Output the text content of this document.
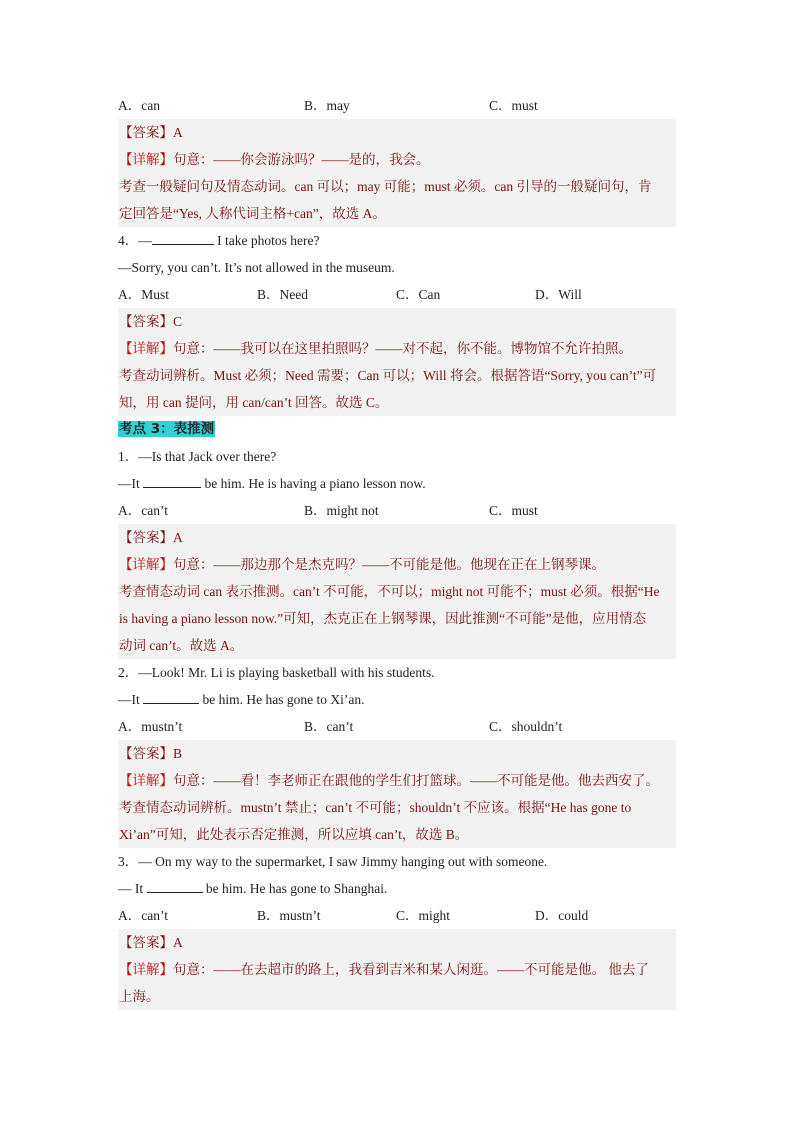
A．can	B．may	C．must

【答案】A

【详解】句意：——你会游泳吗？——是的，我会。

考查一般疑问句及情态动词。can 可以；may 可能；must 必须。can 引导的一般疑问句，肯

定回答是“Yes, 人称代词主格+can”，故选 A。

4．—	I take photos here?
—Sorry, you can’t. It’s not allowed in the museum.
A．Must	B．Need	C．Can	D．Will

【答案】C

【详解】句意：——我可以在这里拍照吗？——对不起，你不能。博物馆不允许拍照。

考查动词辨析。Must 必须；Need 需要；Can 可以；Will 将会。根据答语“Sorry, you can’t”可

知，用 can 提问，用 can/can’t 回答。故选 C。

考点 3：表推测
1．—Is that Jack over there?
—It	be him. He is having a piano lesson now.
A．can’t	B．might not	C．must

【答案】A

【详解】句意：——那边那个是杰克吗？——不可能是他。他现在正在上钢琴课。

考查情态动词 can 表示推测。can’t 不可能，不可以；might not 可能不；must 必须。根据“He

is having a piano lesson now.”可知，杰克正在上钢琴课，因此推测“不可能”是他，应用情态

动词 can’t。故选 A。

2．—Look! Mr. Li is playing basketball with his students.
—It	be him. He has gone to Xi’an.
A．mustn’t	B．can’t	C．shouldn’t

【答案】B

【详解】句意：——看！李老师正在跟他的学生们打篮球。——不可能是他。他去西安了。

考查情态动词辨析。mustn’t 禁止；can’t 不可能；shouldn’t 不应该。根据“He has gone to

Xi’an”可知，此处表示否定推测，所以应填 can’t，故选 B。

3．— On my way to the supermarket, I saw Jimmy hanging out with someone.
— It	be him. He has gone to Shanghai.
A．can’t	B．mustn’t	C．might	D．could

【答案】A

【详解】句意：——在去超市的路上，我看到吉米和某人闲逛。——不可能是他。 他去了

上海。
